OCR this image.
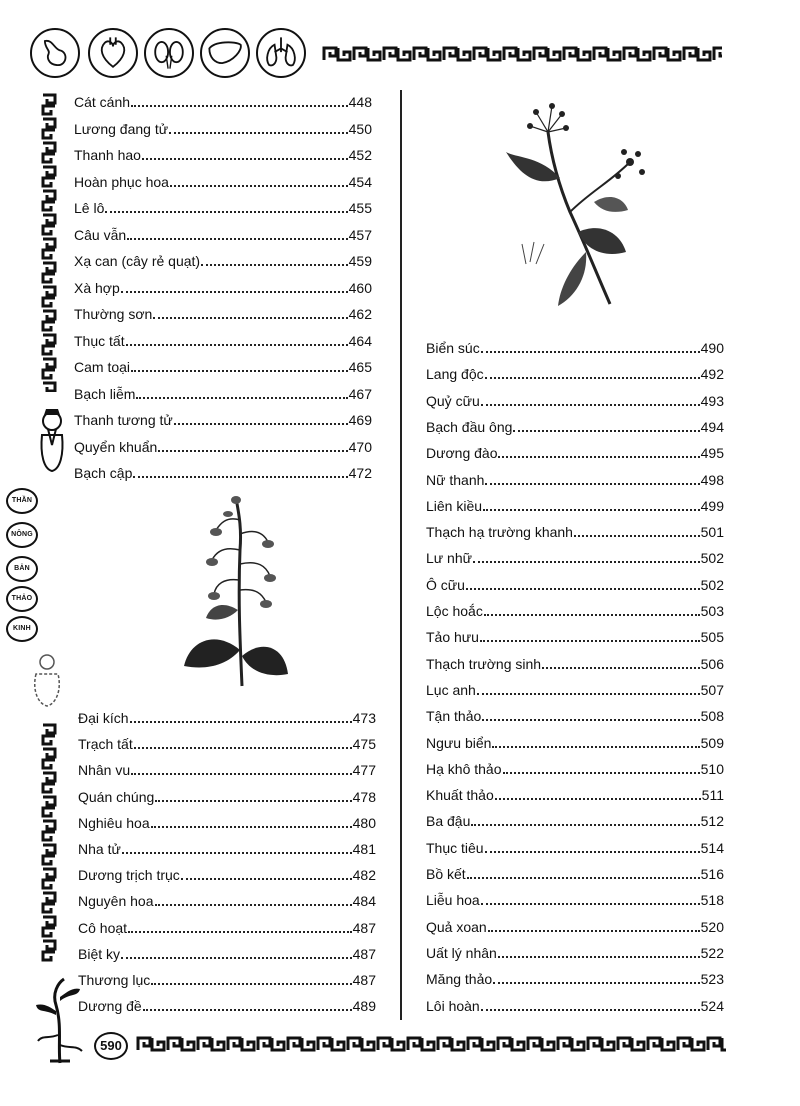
THẦN
NÔNG
BẢN
THẢO
KINH
Cát cánh	448
Lương đang tử	450
Thanh hao	452
Hoàn phục hoa	454
Lê lô	455
Câu vẫn	457
Xạ can (cây rẻ quạt)	459
Xà hợp	460
Thường sơn	462
Thục tất	464
Cam toại	465
Bạch liễm	467
Thanh tương tử	469
Quyển khuẩn	470
Bạch cập	472
Đại kích	473
Trạch tất	475
Nhân vu	477
Quán chúng	478
Nghiêu hoa	480
Nha tử	481
Dương trịch trục	482
Nguyên hoa	484
Cô hoạt	487
Biệt ky	487
Thương lục	487
Dương đề	489
Biển súc	490
Lang độc	492
Quỷ cữu	493
Bạch đầu ông	494
Dương đào	495
Nữ thanh	498
Liên kiều	499
Thạch hạ trường khanh	501
Lư nhữ	502
Ô cữu	502
Lộc hoắc	503
Tảo hưu	505
Thạch trường sinh	506
Lục anh	507
Tận thảo	508
Ngưu biển	509
Hạ khô thảo	510
Khuất thảo	511
Ba đậu	512
Thục tiêu	514
Bồ kết	516
Liễu hoa	518
Quả xoan	520
Uất lý nhân	522
Măng thảo	523
Lôi hoàn	524
590
